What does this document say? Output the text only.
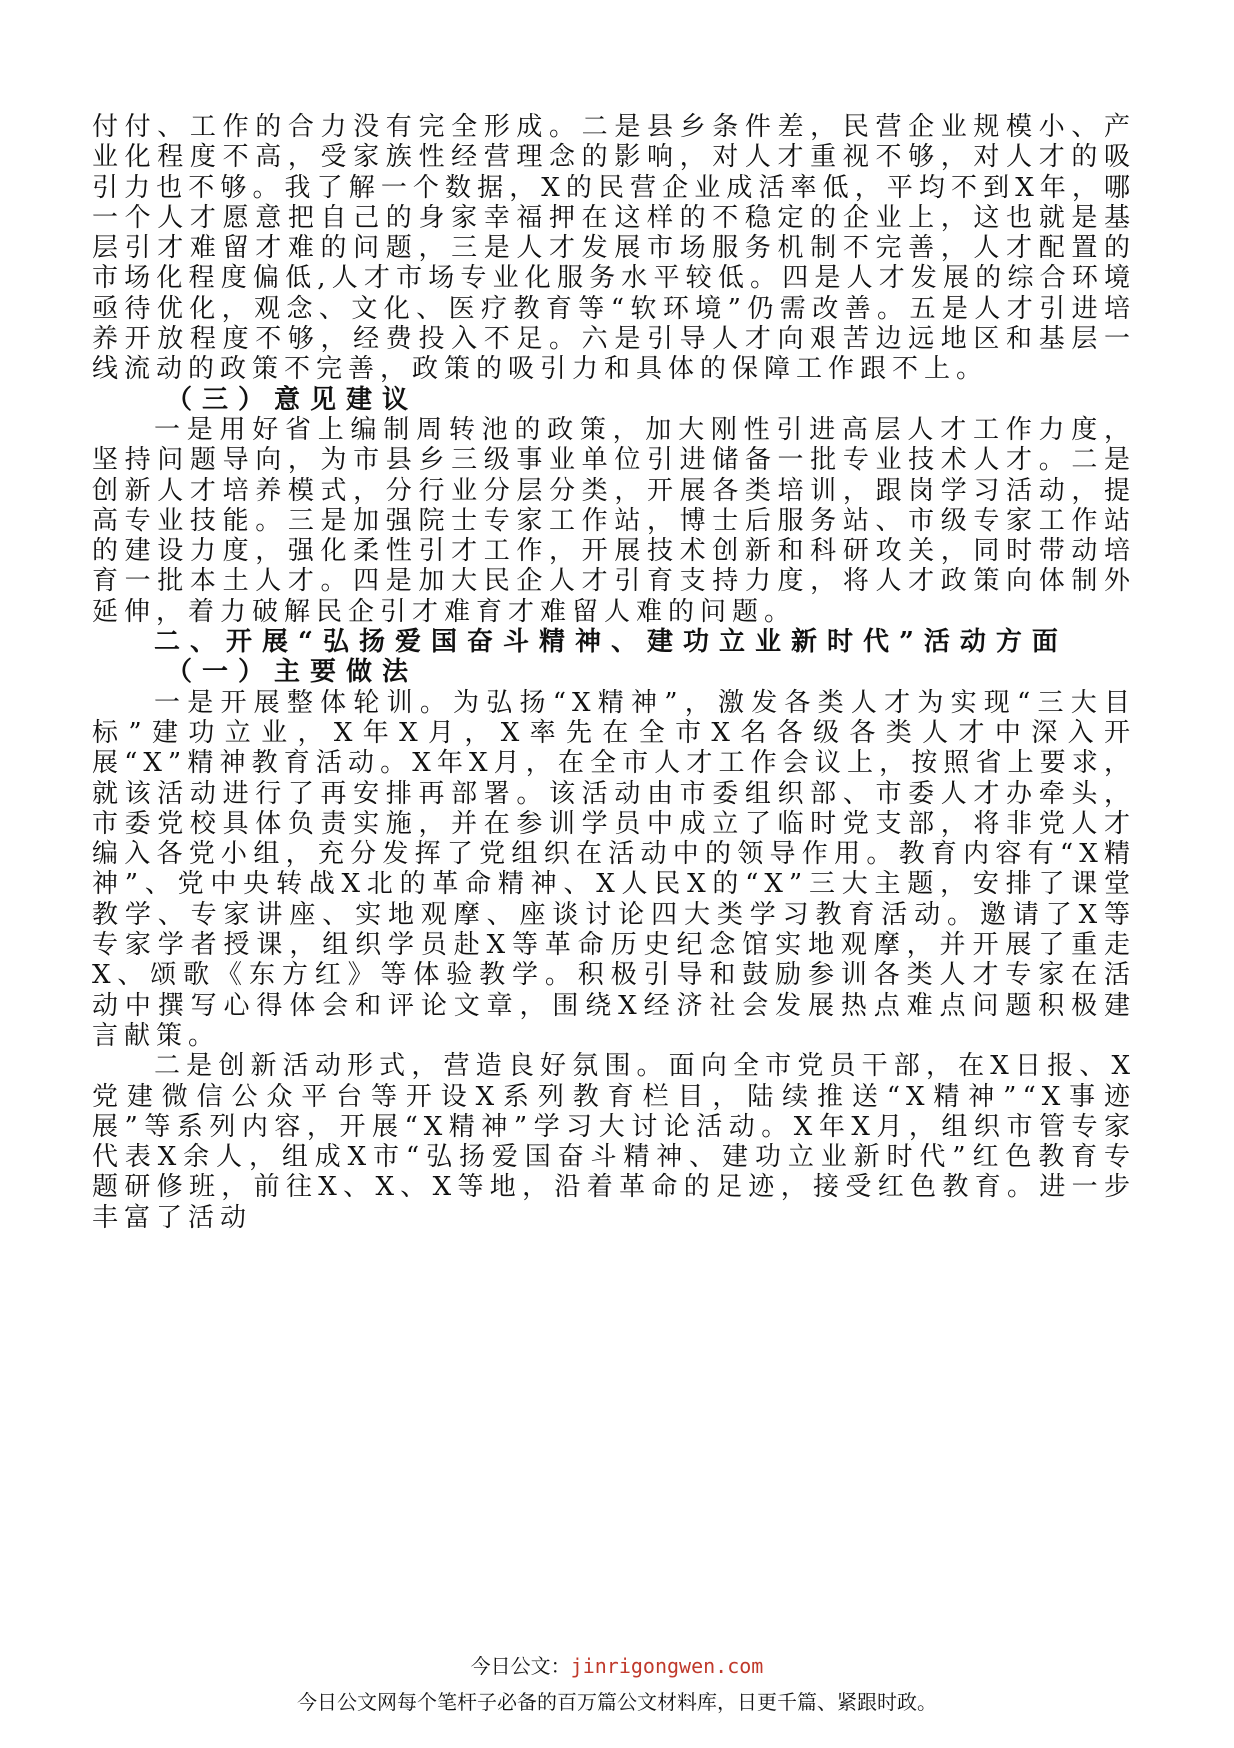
付付、工作的合力没有完全形成。二是县乡条件差，民营企业规模小、产业化程度不高，受家族性经营理念的影响，对人才重视不够，对人才的吸引力也不够。我了解一个数据，X的民营企业成活率低，平均不到X年，哪一个人才愿意把自己的身家幸福押在这样的不稳定的企业上，这也就是基层引才难留才难的问题，三是人才发展市场服务机制不完善，人才配置的市场化程度偏低,人才市场专业化服务水平较低。四是人才发展的综合环境亟待优化，观念、文化、医疗教育等“软环境”仍需改善。五是人才引进培养开放程度不够，经费投入不足。六是引导人才向艰苦边远地区和基层一线流动的政策不完善，政策的吸引力和具体的保障工作跟不上。

（三）意见建议

一是用好省上编制周转池的政策，加大刚性引进高层人才工作力度，坚持问题导向，为市县乡三级事业单位引进储备一批专业技术人才。二是创新人才培养模式，分行业分层分类，开展各类培训，跟岗学习活动，提高专业技能。三是加强院士专家工作站，博士后服务站、市级专家工作站的建设力度，强化柔性引才工作，开展技术创新和科研攻关，同时带动培育一批本土人才。四是加大民企人才引育支持力度，将人才政策向体制外延伸，着力破解民企引才难育才难留人难的问题。

二、开展“弘扬爱国奋斗精神、建功立业新时代”活动方面

（一）主要做法

一是开展整体轮训。为弘扬“X精神”，激发各类人才为实现“三大目标”建功立业，X年X月，X率先在全市X名各级各类人才中深入开展“X”精神教育活动。X年X月，在全市人才工作会议上，按照省上要求，就该活动进行了再安排再部署。该活动由市委组织部、市委人才办牵头，市委党校具体负责实施，并在参训学员中成立了临时党支部，将非党人才编入各党小组，充分发挥了党组织在活动中的领导作用。教育内容有“X精神”、党中央转战X北的革命精神、X人民X的“X”三大主题，安排了课堂教学、专家讲座、实地观摩、座谈讨论四大类学习教育活动。邀请了X等专家学者授课，组织学员赴X等革命历史纪念馆实地观摩，并开展了重走X、颂歌《东方红》等体验教学。积极引导和鼓励参训各类人才专家在活动中撰写心得体会和评论文章，围绕X经济社会发展热点难点问题积极建言献策。

二是创新活动形式，营造良好氛围。面向全市党员干部，在X日报、X党建微信公众平台等开设X系列教育栏目，陆续推送“X精神”“X事迹展”等系列内容，开展“X精神”学习大讨论活动。X年X月，组织市管专家代表X余人，组成X市“弘扬爱国奋斗精神、建功立业新时代”红色教育专题研修班，前往X、X、X等地，沿着革命的足迹，接受红色教育。进一步丰富了活动

今日公文：jinrigongwen.com
今日公文网每个笔杆子必备的百万篇公文材料库，日更千篇、紧跟时政。
